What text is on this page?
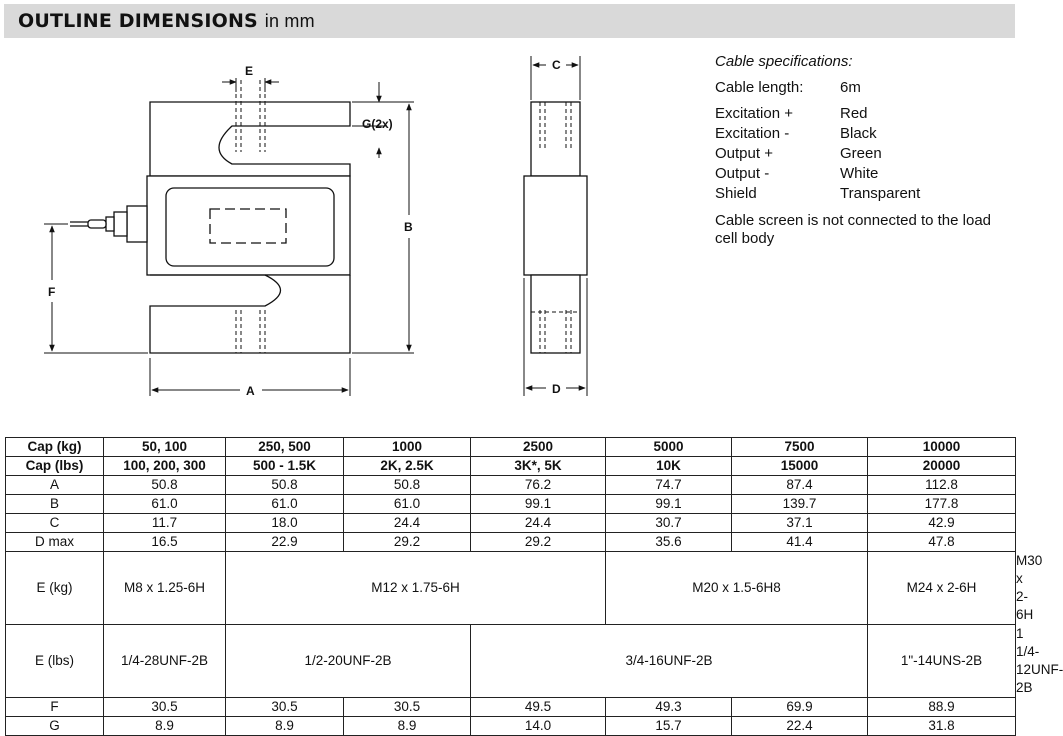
OUTLINE DIMENSIONS in mm
E
G(2x)
B
F
A
C
D
Cable specifications:
Cable length:	6m
Excitation +	Red
Excitation -	Black
Output +	Green
Output -	White
Shield	Transparent
Cable screen is not connected to the load
cell body
Cap (kg)	50, 100	250, 500	1000	2500	5000	7500	10000	
Cap (lbs)	100, 200, 300	500 - 1.5K	2K, 2.5K	3K*, 5K	10K	15000	20000	
A	50.8	50.8	50.8	76.2	74.7	87.4	112.8	
B	61.0	61.0	61.0	99.1	99.1	139.7	177.8	
C	11.7	18.0	24.4	24.4	30.7	37.1	42.9	
D max	16.5	22.9	29.2	29.2	35.6	41.4	47.8	
E (kg)	M8 x 1.25-6H	M12 x 1.75-6H			M20 x 1.5-6H8		M24 x 2-6H	M30 x 2-6H
E (lbs)	1/4-28UNF-2B	1/2-20UNF-2B		3/4-16UNF-2B			1"-14UNS-2B	1 1/4-12UNF-2B
F	30.5	30.5	30.5	49.5	49.3	69.9	88.9	
G	8.9	8.9	8.9	14.0	15.7	22.4	31.8	
